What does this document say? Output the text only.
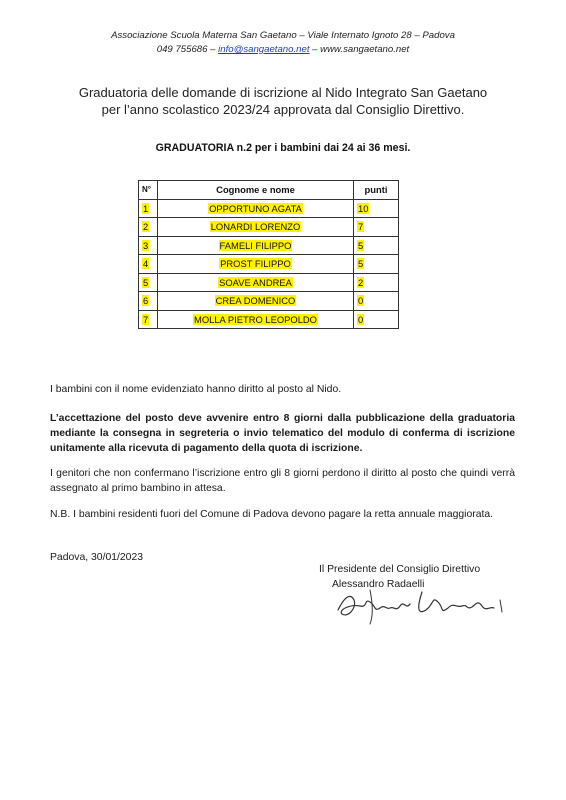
Associazione Scuola Materna San Gaetano – Viale Internato Ignoto 28 – Padova
049 755686 – info@sangaetano.net – www.sangaetano.net
Graduatoria delle domande di iscrizione al Nido Integrato San Gaetano
per l’anno scolastico 2023/24 approvata dal Consiglio Direttivo.
GRADUATORIA n.2 per i bambini dai 24 ai 36 mesi.
N°	Cognome e nome	punti
1	OPPORTUNO AGATA	10
2	LONARDI LORENZO	7
3	FAMELI FILIPPO	5
4	PROST FILIPPO	5
5	SOAVE ANDREA	2
6	CREA DOMENICO	0
7	MOLLA PIETRO LEOPOLDO	0
I bambini con il nome evidenziato hanno diritto al posto al Nido.
L’accettazione del posto deve avvenire entro 8 giorni dalla pubblicazione della graduatoria mediante la consegna in segreteria o invio telematico del modulo di conferma di iscrizione unitamente alla ricevuta di pagamento della quota di iscrizione.
I genitori che non confermano l’iscrizione entro gli 8 giorni perdono il diritto al posto che quindi verrà assegnato al primo bambino in attesa.
N.B. I bambini residenti fuori del Comune di Padova devono pagare la retta annuale maggiorata.
Padova, 30/01/2023
Il Presidente del Consiglio Direttivo
Alessandro Radaelli
